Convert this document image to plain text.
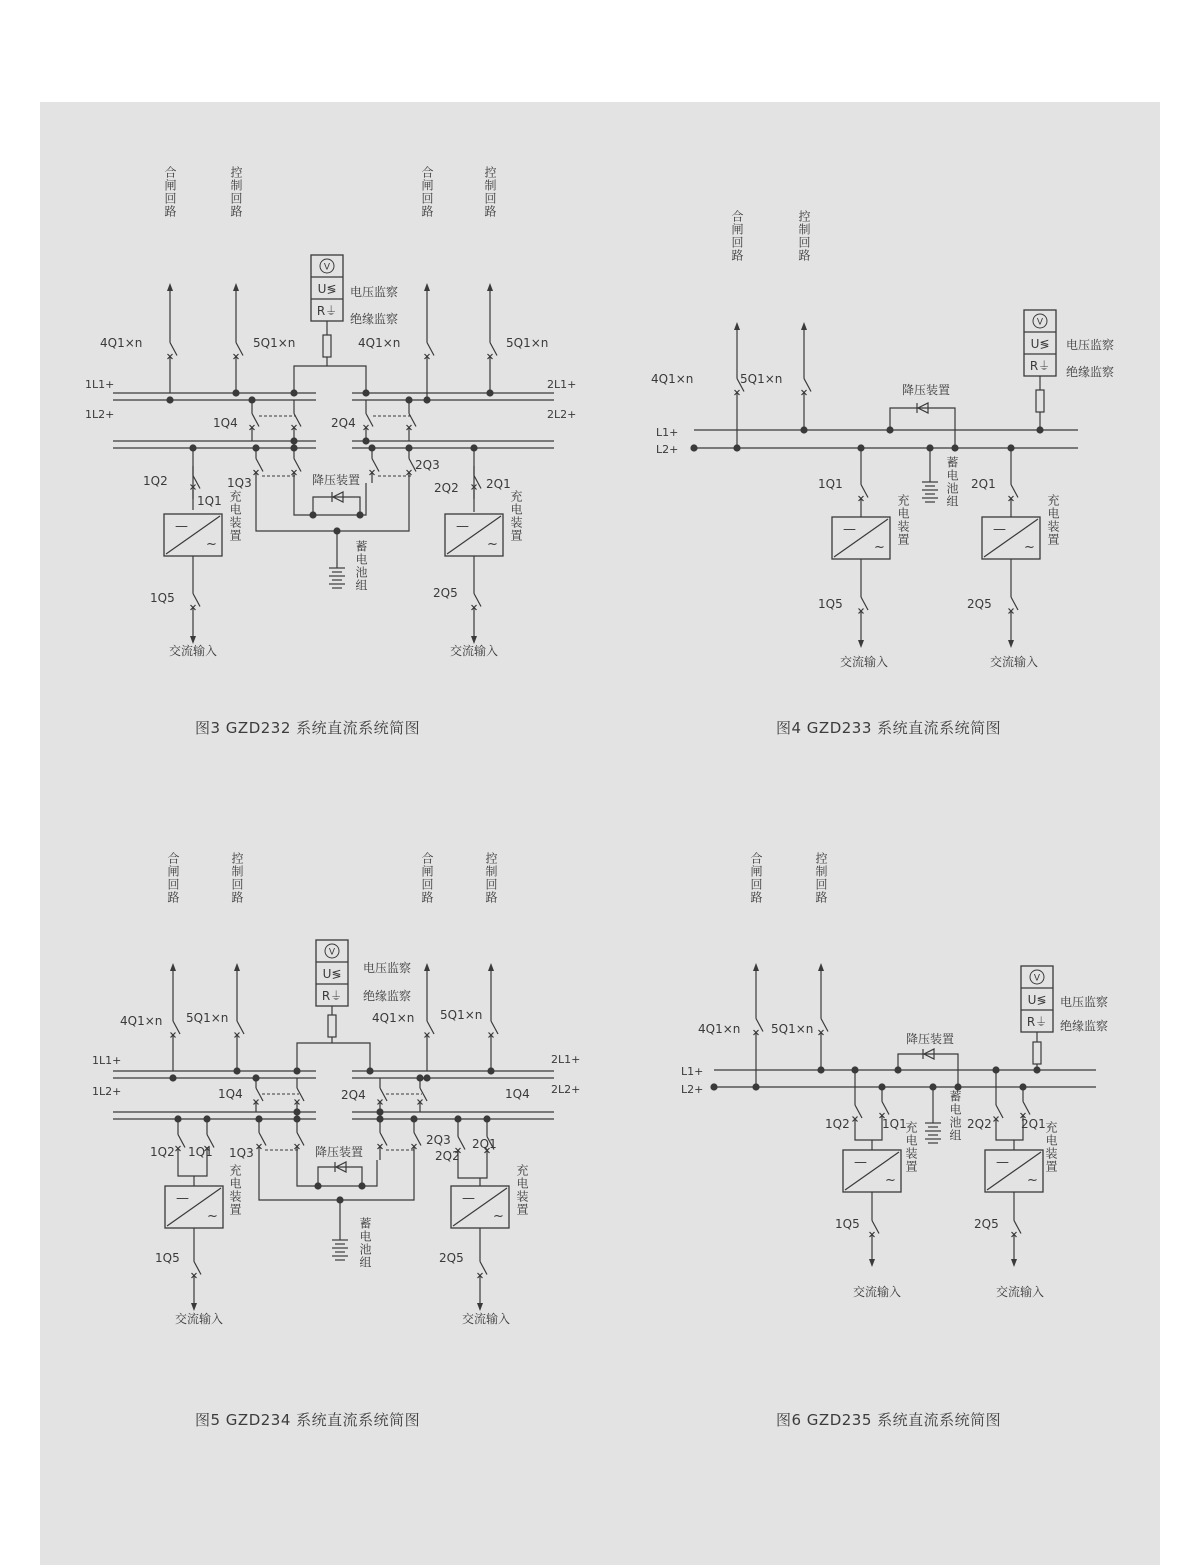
1L1+
1L2+
2L1+
2L2+
合闸回路	控制回路	合闸回路	控制回路
4Q1×n	5Q1×n	4Q1×n	5Q1×n
V
U≶
R⏚
电压监察
绝缘监察
1Q4	2Q4
1Q3
2Q3
降压装置
蓄电池组
1Q2
1Q1
—
~
充电装置
1Q5
交流输入
2Q2 2Q1
—
~
充电装置
2Q5
交流输入
L1+
L2+
合闸回路	控制回路
4Q1×n	5Q1×n
V
U≶
R⏚
电压监察
绝缘监察
降压装置
蓄电池组
1Q1
—
~
充电装置
1Q5
交流输入
2Q1
—
~
充电装置
2Q5
交流输入
1L1+
1L2+
2L1+
2L2+
合闸回路	控制回路	合闸回路	控制回路
4Q1×n 5Q1×n	4Q1×n 5Q1×n
V
U≶
R⏚
电压监察
绝缘监察
1Q4	2Q4	1Q4
1Q3
2Q3
降压装置
蓄电池组
1Q2 1Q1
—
~
充电装置
1Q5
交流输入
2Q2
2Q1
—
~
充电装置
2Q5
交流输入
L1+
L2+
合闸回路	控制回路
4Q1×n	5Q1×n
V
U≶
R⏚
电压监察
绝缘监察
降压装置
蓄电池组
1Q2	1Q1
—
~
充电装置
1Q5
交流输入
2Q2 2Q1
—
~
充电装置
2Q5
交流输入
图3 GZD232 系统直流系统简图	图4 GZD233 系统直流系统简图
图5 GZD234 系统直流系统简图	图6 GZD235 系统直流系统简图
